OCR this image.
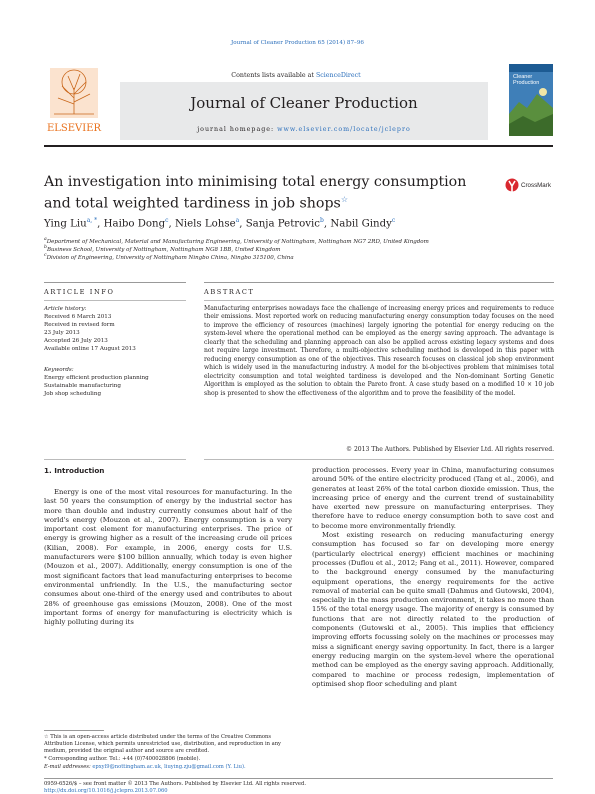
Journal of Cleaner Production 65 (2014) 87–96
ELSEVIER
Contents lists available at ScienceDirect
Journal of Cleaner Production
journal homepage: www.elsevier.com/locate/jclepro
Cleaner
Production
An investigation into minimising total energy consumption and total weighted tardiness in job shops☆
CrossMark
Ying Liu$^{a, *}$, Haibo Dong$^c$, Niels Lohse$^a$, Sanja Petrovic$^b$, Nabil Gindy$^c$
$^a$Department of Mechanical, Material and Manufacturing Engineering, University of Nottingham, Nottingham NG7 2RD, United Kingdom
$^b$Business School, University of Nottingham, Nottingham NG8 1BB, United Kingdom
$^c$Division of Engineering, University of Nottingham Ningbo China, Ningbo 315100, China
ARTICLE INFO	ABSTRACT
Article history:
Received 6 March 2013
Received in revised form
23 July 2013
Accepted 26 July 2013
Available online 17 August 2013
Keywords:
Energy efficient production planning
Sustainable manufacturing
Job shop scheduling
Manufacturing enterprises nowadays face the challenge of increasing energy prices and requirements to reduce their emissions. Most reported work on reducing manufacturing energy consumption today focuses on the need to improve the efficiency of resources (machines) largely ignoring the potential for energy reducing on the system-level where the operational method can be employed as the energy saving approach. The advantage is clearly that the scheduling and planning approach can also be applied across existing legacy systems and does not require large investment. Therefore, a multi-objective scheduling method is developed in this paper with reducing energy consumption as one of the objectives. This research focuses on classical job shop environment which is widely used in the manufacturing industry. A model for the bi-objectives problem that minimises total electricity consumption and total weighted tardiness is developed and the Non-dominant Sorting Genetic Algorithm is employed as the solution to obtain the Pareto front. A case study based on a modified 10 × 10 job shop is presented to show the effectiveness of the algorithm and to prove the feasibility of the model.
© 2013 The Authors. Published by Elsevier Ltd. All rights reserved.
1. Introduction
Energy is one of the most vital resources for manufacturing. In the last 50 years the consumption of energy by the industrial sector has more than double and industry currently consumes about half of the world's energy (Mouzon et al., 2007). Energy consumption is a very important cost element for manufacturing enterprises. The price of energy is growing higher as a result of the increasing crude oil prices (Kilian, 2008). For example, in 2006, energy costs for U.S. manufacturers were $100 billion annually, which today is even higher (Mouzon et al., 2007). Additionally, energy consumption is one of the most significant factors that lead manufacturing enterprises to become environmental unfriendly. In the U.S., the manufacturing sector consumes about one-third of the energy used and contributes to about 28% of greenhouse gas emissions (Mouzon, 2008). One of the most important forms of energy for manufacturing is electricity which is highly polluting during its
production processes. Every year in China, manufacturing consumes around 50% of the entire electricity produced (Tang et al., 2006), and generates at least 26% of the total carbon dioxide emission. Thus, the increasing price of energy and the current trend of sustainability have exerted new pressure on manufacturing enterprises. They therefore have to reduce energy consumption both to save cost and to become more environmentally friendly.
Most existing research on reducing manufacturing energy consumption has focused so far on developing more energy (particularly electrical energy) efficient machines or machining processes (Duflou et al., 2012; Fang et al., 2011). However, compared to the background energy consumed by the manufacturing equipment operations, the energy requirements for the active removal of material can be quite small (Dahmus and Gutowski, 2004), especially in the mass production environment, it takes no more than 15% of the total energy usage. The majority of energy is consumed by functions that are not directly related to the production of components (Gutowski et al., 2005). This implies that efficiency improving efforts focussing solely on the machines or processes may miss a significant energy saving opportunity. In fact, there is a larger energy reducing margin on the system-level where the operational method can be employed as the energy saving approach. Additionally, compared to machine or process redesign, implementation of optimised shop floor scheduling and plant
☆ This is an open-access article distributed under the terms of the Creative Commons Attribution License, which permits unrestricted use, distribution, and reproduction in any medium, provided the original author and source are credited.
* Corresponding author. Tel.: +44 (0)7400028806 (mobile).
E-mail addresses: epxyl9@nottingham.ac.uk, liuying.zju@gmail.com (Y. Liu).
0959-6526/$ – see front matter © 2013 The Authors. Published by Elsevier Ltd. All rights reserved.
http://dx.doi.org/10.1016/j.jclepro.2013.07.060
